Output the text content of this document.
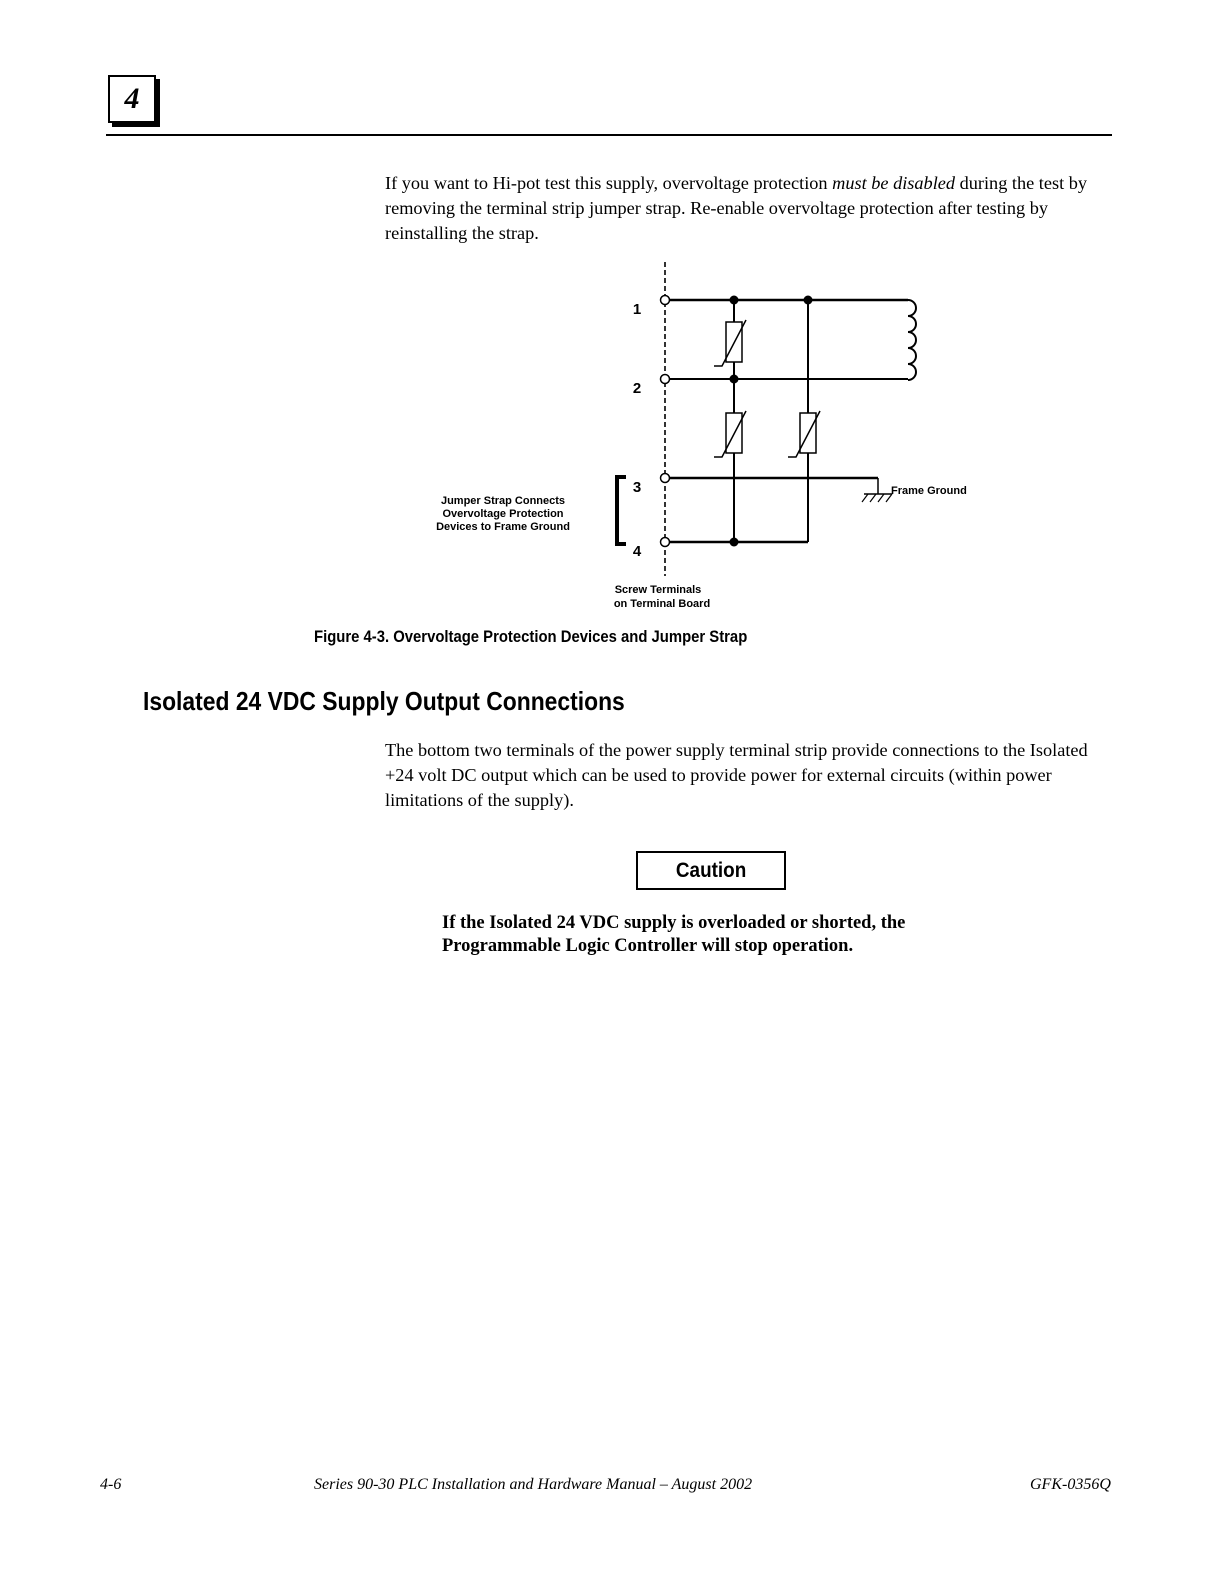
4

If you want to Hi-pot test this supply, overvoltage protection must be disabled during the test by removing the terminal strip jumper strap. Re-enable overvoltage protection after testing by reinstalling the strap.

1
2
3
4
Jumper Strap Connects
Overvoltage Protection
Devices to Frame Ground
Frame Ground
Screw Terminals
on Terminal Board

Figure 4-3. Overvoltage Protection Devices and Jumper Strap

Isolated 24 VDC Supply Output Connections

The bottom two terminals of the power supply terminal strip provide connections to the Isolated +24 volt DC output which can be used to provide power for external circuits (within power limitations of the supply).

Caution

If the Isolated 24 VDC supply is overloaded or shorted, the Programmable Logic Controller will stop operation.

4-6	Series 90-30 PLC Installation and Hardware Manual – August 2002	GFK-0356Q
